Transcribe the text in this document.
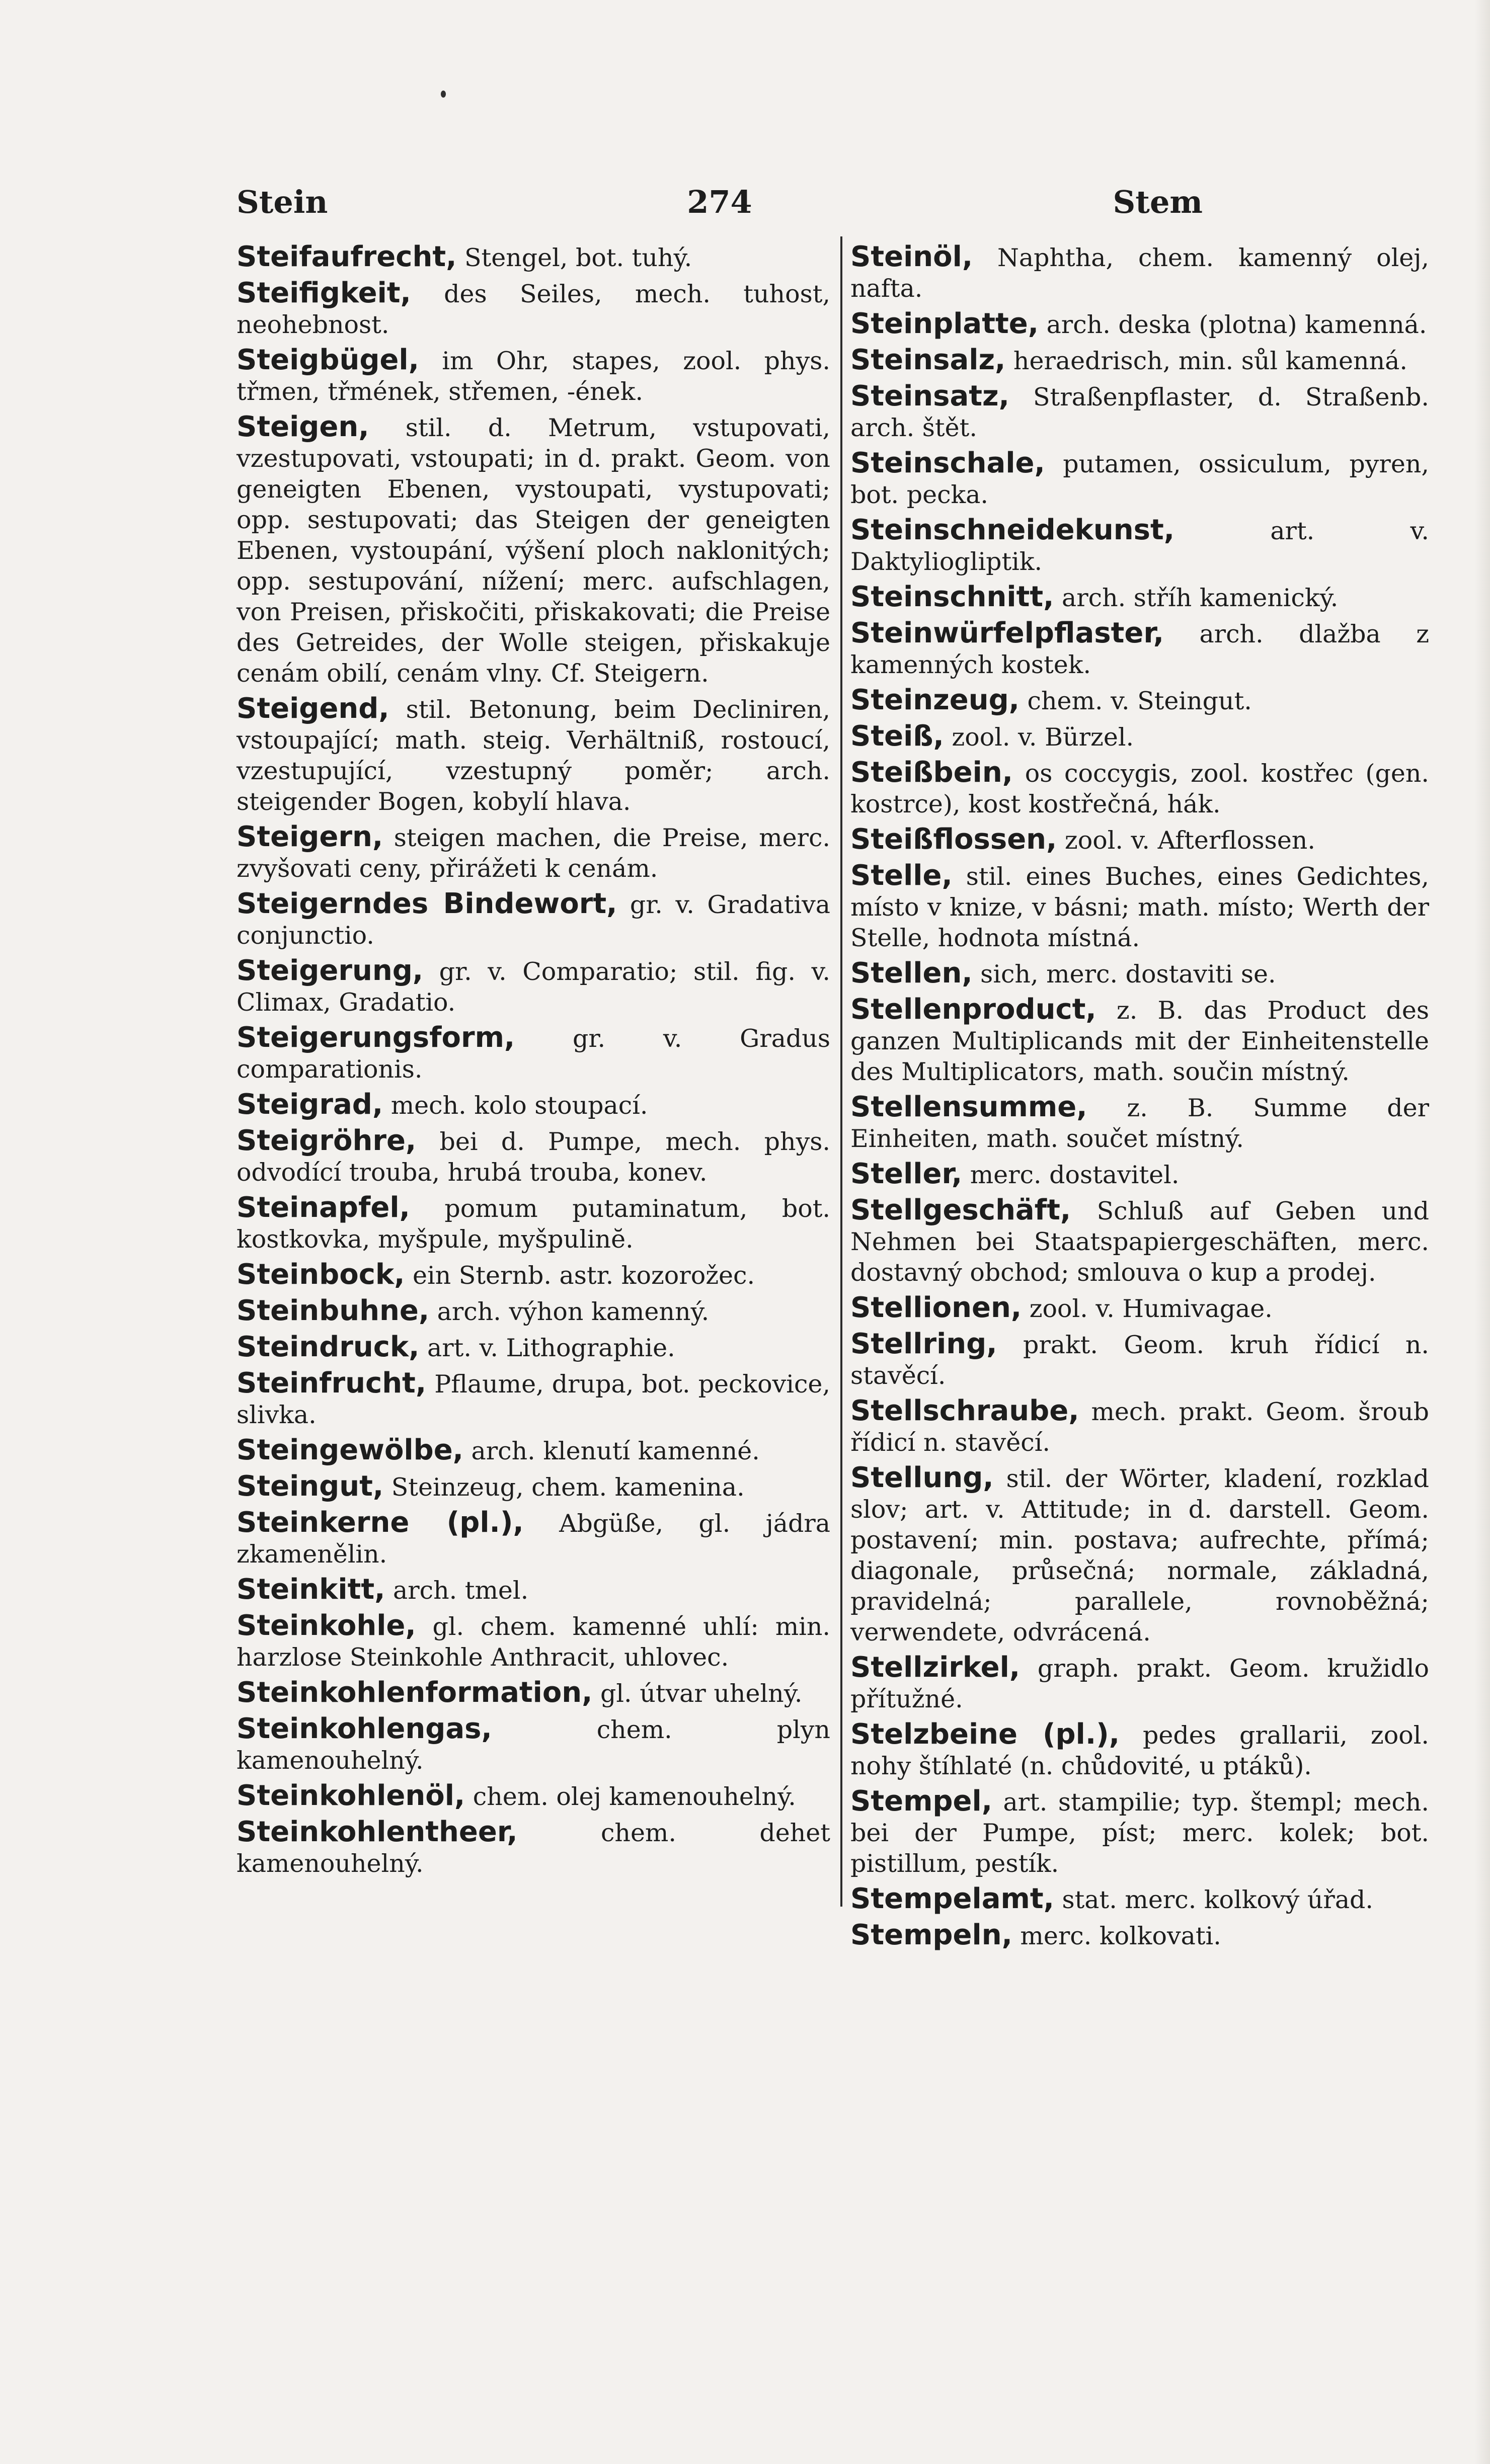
Stein	274	Stem

Steifaufrecht, Stengel, bot. tuhý.

Steifigkeit, des Seiles, mech. tuhost, neohebnost.

Steigbügel, im Ohr, stapes, zool. phys. třmen, třmének, střemen, -ének.

Steigen, stil. d. Metrum, vstupovati, vzestupovati, vstoupati; in d. prakt. Geom. von geneigten Ebenen, vystoupati, vystupovati; opp. sestupovati; das Steigen der geneigten Ebenen, vystoupání, výšení ploch naklonitých; opp. sestupování, nížení; merc. aufschlagen, von Preisen, přiskočiti, přiskakovati; die Preise des Getreides, der Wolle steigen, přiskakuje cenám obilí, cenám vlny. Cf. Steigern.

Steigend, stil. Betonung, beim Decliniren, vstoupající; math. steig. Verhältniß, rostoucí, vzestupující, vzestupný poměr; arch. steigender Bogen, kobylí hlava.

Steigern, steigen machen, die Preise, merc. zvyšovati ceny, přirážeti k cenám.

Steigerndes Bindewort, gr. v. Gradativa conjunctio.

Steigerung, gr. v. Comparatio; stil. fig. v. Climax, Gradatio.

Steigerungsform, gr. v. Gradus comparationis.

Steigrad, mech. kolo stoupací.

Steigröhre, bei d. Pumpe, mech. phys. odvodící trouba, hrubá trouba, konev.

Steinapfel, pomum putaminatum, bot. kostkovka, myšpule, myšpulinĕ.

Steinbock, ein Sternb. astr. kozorožec.

Steinbuhne, arch. výhon kamenný.

Steindruck, art. v. Lithographie.

Steinfrucht, Pflaume, drupa, bot. peckovice, slivka.

Steingewölbe, arch. klenutí kamenné.

Steingut, Steinzeug, chem. kamenina.

Steinkerne (pl.), Abgüße, gl. jádra zkamenělin.

Steinkitt, arch. tmel.

Steinkohle, gl. chem. kamenné uhlí: min. harzlose Steinkohle Anthracit, uhlovec.

Steinkohlenformation, gl. útvar uhelný.

Steinkohlengas,	chem. plyn kamenouhelný.

Steinkohlenöl, chem. olej kamenouhelný.

Steinkohlentheer,	chem. dehet kamenouhelný.

Steinöl, Naphtha, chem. kamenný olej, nafta.

Steinplatte, arch. deska (plotna) kamenná.

Steinsalz, heraedrisch, min. sůl kamenná.

Steinsatz, Straßenpflaster, d. Straßenb. arch. štět.

Steinschale, putamen, ossiculum, pyren, bot. pecka.

Steinschneidekunst,	art. v. Daktyliogliptik.

Steinschnitt, arch. stříh kamenický.

Steinwürfelpflaster, arch. dlažba z kamenných kostek.

Steinzeug, chem. v. Steingut.

Steiß, zool. v. Bürzel.

Steißbein, os coccygis, zool. kostřec (gen. kostrce), kost kostřečná, hák.

Steißflossen, zool. v. Afterflossen.

Stelle, stil. eines Buches, eines Gedichtes, místo v knize, v básni; math. místo; Werth der Stelle, hodnota místná.

Stellen, sich, merc. dostaviti se.

Stellenproduct, z. B. das Product des ganzen Multiplicands mit der Einheitenstelle des Multiplicators, math. součin místný.

Stellensumme, z. B. Summe der Einheiten, math. součet místný.

Steller, merc. dostavitel.

Stellgeschäft, Schluß auf Geben und Nehmen bei Staatspapiergeschäften, merc. dostavný obchod; smlouva o kup a prodej.

Stellionen, zool. v. Humivagae.

Stellring, prakt. Geom. kruh řídicí n. stavěcí.

Stellschraube, mech. prakt. Geom. šroub řídicí n. stavěcí.

Stellung, stil. der Wörter, kladení, rozklad slov; art. v. Attitude; in d. darstell. Geom. postavení; min. postava; aufrechte, přímá; diagonale, průsečná; normale, základná, pravidelná; parallele, rovnoběžná; verwendete, odvrácená.

Stellzirkel, graph. prakt. Geom. kružidlo přítužné.

Stelzbeine (pl.), pedes grallarii, zool. nohy štíhlaté (n. chůdovité, u ptáků).

Stempel, art. stampilie; typ. štempl; mech. bei der Pumpe, píst; merc. kolek; bot. pistillum, pestík.

Stempelamt, stat. merc. kolkový úřad.

Stempeln, merc. kolkovati.
